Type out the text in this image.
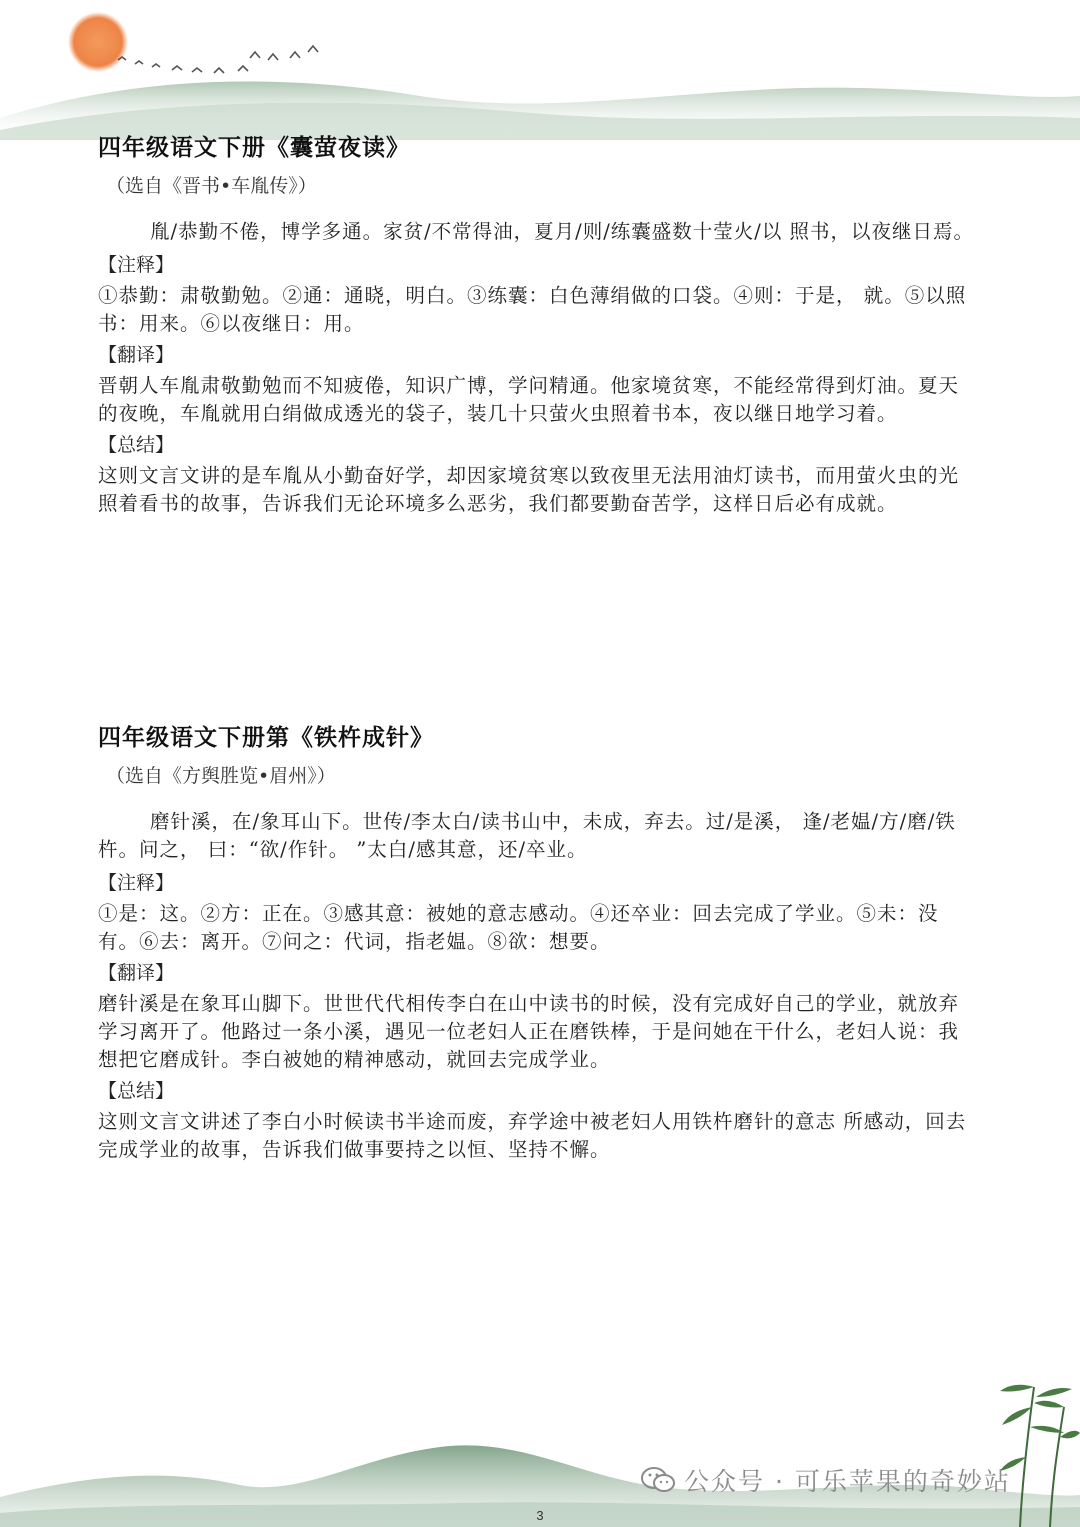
四年级语文下册《囊萤夜读》
（选自《晋书•车胤传》）

胤/恭勤不倦，博学多通。家贫/不常得油，夏月/则/练囊盛数十莹火/以 照书，以夜继日焉。

【注释】

①恭勤：肃敬勤勉。②通：通晓，明白。③练囊：白色薄绢做的口袋。④则：于是， 就。⑤以照书：用来。⑥以夜继日：用。

【翻译】

晋朝人车胤肃敬勤勉而不知疲倦，知识广博，学问精通。他家境贫寒，不能经常得到灯油。夏天的夜晚，车胤就用白绢做成透光的袋子，装几十只萤火虫照着书本，夜以继日地学习着。

【总结】

这则文言文讲的是车胤从小勤奋好学，却因家境贫寒以致夜里无法用油灯读书，而用萤火虫的光照着看书的故事，告诉我们无论环境多么恶劣，我们都要勤奋苦学，这样日后必有成就。

四年级语文下册第《铁杵成针》
（选自《方舆胜览•眉州》）

磨针溪，在/象耳山下。世传/李太白/读书山中，未成，弃去。过/是溪， 逢/老媪/方/磨/铁杵。问之， 曰：“欲/作针。 ”太白/感其意，还/卒业。

【注释】

①是：这。②方：正在。③感其意：被她的意志感动。④还卒业：回去完成了学业。⑤未：没有。⑥去：离开。⑦问之：代词，指老媪。⑧欲：想要。

【翻译】

磨针溪是在象耳山脚下。世世代代相传李白在山中读书的时候，没有完成好自己的学业，就放弃学习离开了。他路过一条小溪，遇见一位老妇人正在磨铁棒，于是问她在干什么，老妇人说：我想把它磨成针。李白被她的精神感动，就回去完成学业。

【总结】

这则文言文讲述了李白小时候读书半途而废，弃学途中被老妇人用铁杵磨针的意志 所感动，回去完成学业的故事，告诉我们做事要持之以恒、坚持不懈。

公众号 · 可乐苹果的奇妙站
3
